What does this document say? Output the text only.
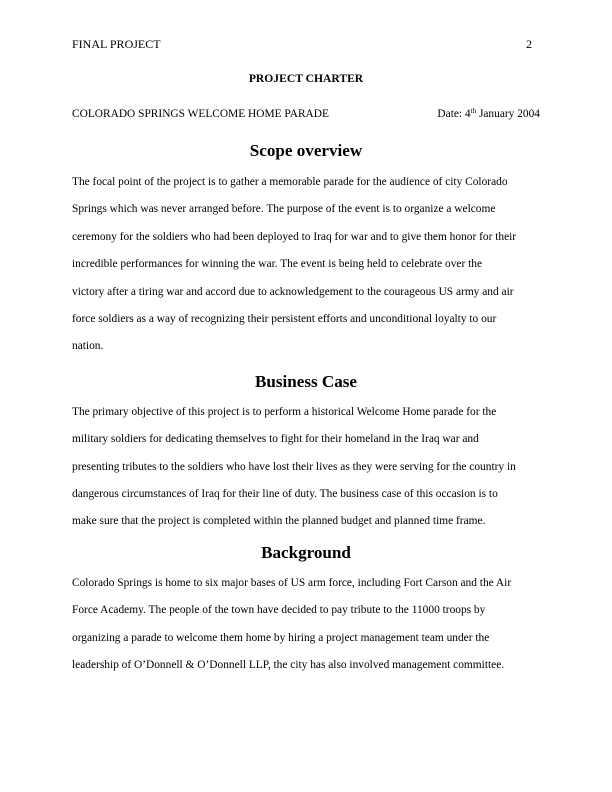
FINAL PROJECT	2
PROJECT CHARTER
COLORADO SPRINGS WELCOME HOME PARADE	Date: 4th January 2004
Scope overview

The focal point of the project is to gather a memorable parade for the audience of city Colorado
Springs which was never arranged before. The purpose of the event is to organize a welcome
ceremony for the soldiers who had been deployed to Iraq for war and to give them honor for their
incredible performances for winning the war. The event is being held to celebrate over the
victory after a tiring war and accord due to acknowledgement to the courageous US army and air
force soldiers as a way of recognizing their persistent efforts and unconditional loyalty to our
nation.

Business Case

The primary objective of this project is to perform a historical Welcome Home parade for the
military soldiers for dedicating themselves to fight for their homeland in the Iraq war and
presenting tributes to the soldiers who have lost their lives as they were serving for the country in
dangerous circumstances of Iraq for their line of duty. The business case of this occasion is to
make sure that the project is completed within the planned budget and planned time frame.

Background

Colorado Springs is home to six major bases of US arm force, including Fort Carson and the Air
Force Academy. The people of the town have decided to pay tribute to the 11000 troops by
organizing a parade to welcome them home by hiring a project management team under the
leadership of O’Donnell & O’Donnell LLP, the city has also involved management committee.
